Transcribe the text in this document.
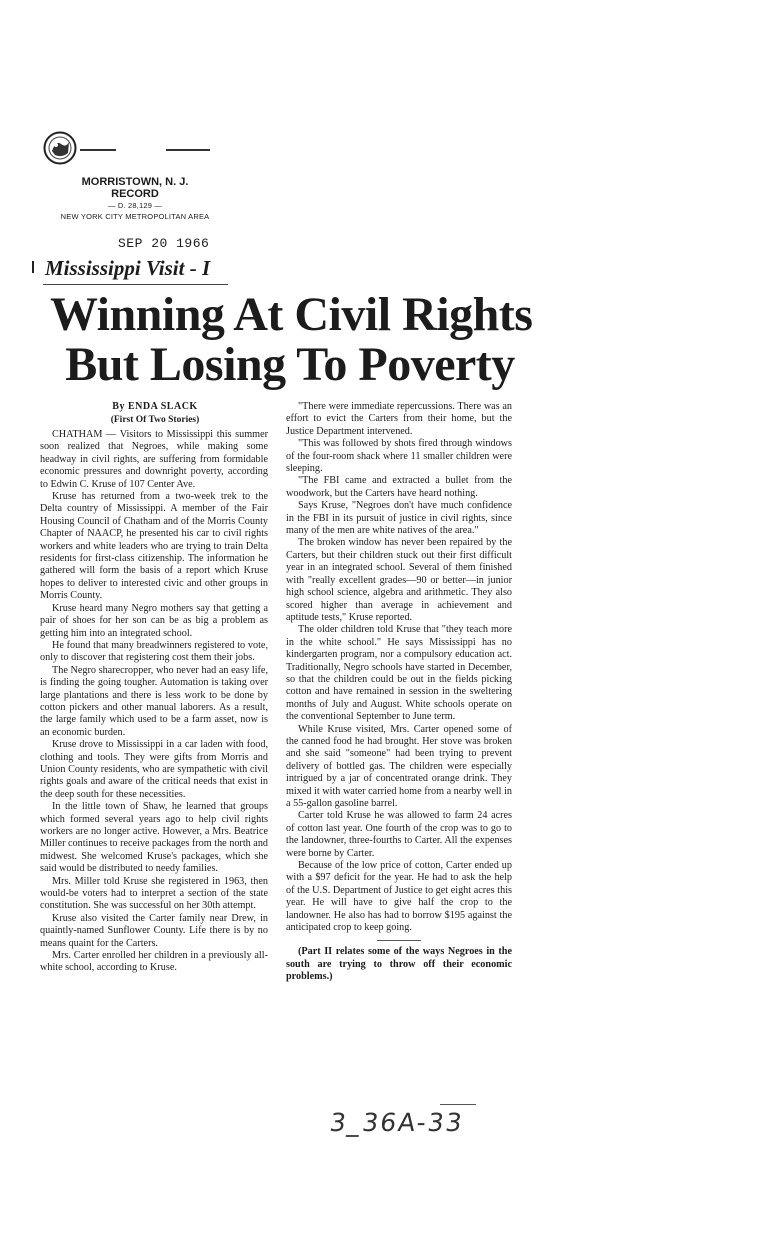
MORRISTOWN, N. J.
RECORD
— D. 28,129 —
NEW YORK CITY METROPOLITAN AREA
SEP 20 1966
Mississippi Visit - I
Winning At Civil Rights
But Losing To Poverty
By ENDA SLACK
(First Of Two Stories)

CHATHAM — Visitors to Mississippi this summer soon realized that Negroes, while making some headway in civil rights, are suffering from formidable economic pressures and downright poverty, according to Edwin C. Kruse of 107 Center Ave.

Kruse has returned from a two-week trek to the Delta country of Mississippi. A member of the Fair Housing Council of Chatham and of the Morris County Chapter of NAACP, he presented his car to civil rights workers and white leaders who are trying to train Delta residents for first-class citizenship. The information he gathered will form the basis of a report which Kruse hopes to deliver to interested civic and other groups in Morris County.

Kruse heard many Negro mothers say that getting a pair of shoes for her son can be as big a problem as getting him into an integrated school.

He found that many breadwinners registered to vote, only to discover that registering cost them their jobs.

The Negro sharecropper, who never had an easy life, is finding the going tougher. Automation is taking over large plantations and there is less work to be done by cotton pickers and other manual laborers. As a result, the large family which used to be a farm asset, now is an economic burden.

Kruse drove to Mississippi in a car laden with food, clothing and tools. They were gifts from Morris and Union County residents, who are sympathetic with civil rights goals and aware of the critical needs that exist in the deep south for these necessities.

In the little town of Shaw, he learned that groups which formed several years ago to help civil rights workers are no longer active. However, a Mrs. Beatrice Miller continues to receive packages from the north and midwest. She welcomed Kruse's packages, which she said would be distributed to needy families.

Mrs. Miller told Kruse she registered in 1963, then would-be voters had to interpret a section of the state constitution. She was successful on her 30th attempt.

Kruse also visited the Carter family near Drew, in quaintly-named Sunflower County. Life there is by no means quaint for the Carters.

Mrs. Carter enrolled her children in a previously all-white school, according to Kruse.

"There were immediate repercussions. There was an effort to evict the Carters from their home, but the Justice Department intervened.

"This was followed by shots fired through windows of the four-room shack where 11 smaller children were sleeping.

"The FBI came and extracted a bullet from the woodwork, but the Carters have heard nothing.

Says Kruse, "Negroes don't have much confidence in the FBI in its pursuit of justice in civil rights, since many of the men are white natives of the area."

The broken window has never been repaired by the Carters, but their children stuck out their first difficult year in an integrated school. Several of them finished with "really excellent grades—90 or better—in junior high school science, algebra and arithmetic. They also scored higher than average in achievement and aptitude tests," Kruse reported.

The older children told Kruse that "they teach more in the white school." He says Mississippi has no kindergarten program, nor a compulsory education act. Traditionally, Negro schools have started in December, so that the children could be out in the fields picking cotton and have remained in session in the sweltering months of July and August. White schools operate on the conventional September to June term.

While Kruse visited, Mrs. Carter opened some of the canned food he had brought. Her stove was broken and she said "someone" had been trying to prevent delivery of bottled gas. The children were especially intrigued by a jar of concentrated orange drink. They mixed it with water carried home from a nearby well in a 55-gallon gasoline barrel.

Carter told Kruse he was allowed to farm 24 acres of cotton last year. One fourth of the crop was to go to the landowner, three-fourths to Carter. All the expenses were borne by Carter.

Because of the low price of cotton, Carter ended up with a $97 deficit for the year. He had to ask the help of the U.S. Department of Justice to get eight acres this year. He will have to give half the crop to the landowner. He also has had to borrow $195 against the anticipated crop to keep going.

(Part II relates some of the ways Negroes in the south are trying to throw off their economic problems.)

3_36A-33
